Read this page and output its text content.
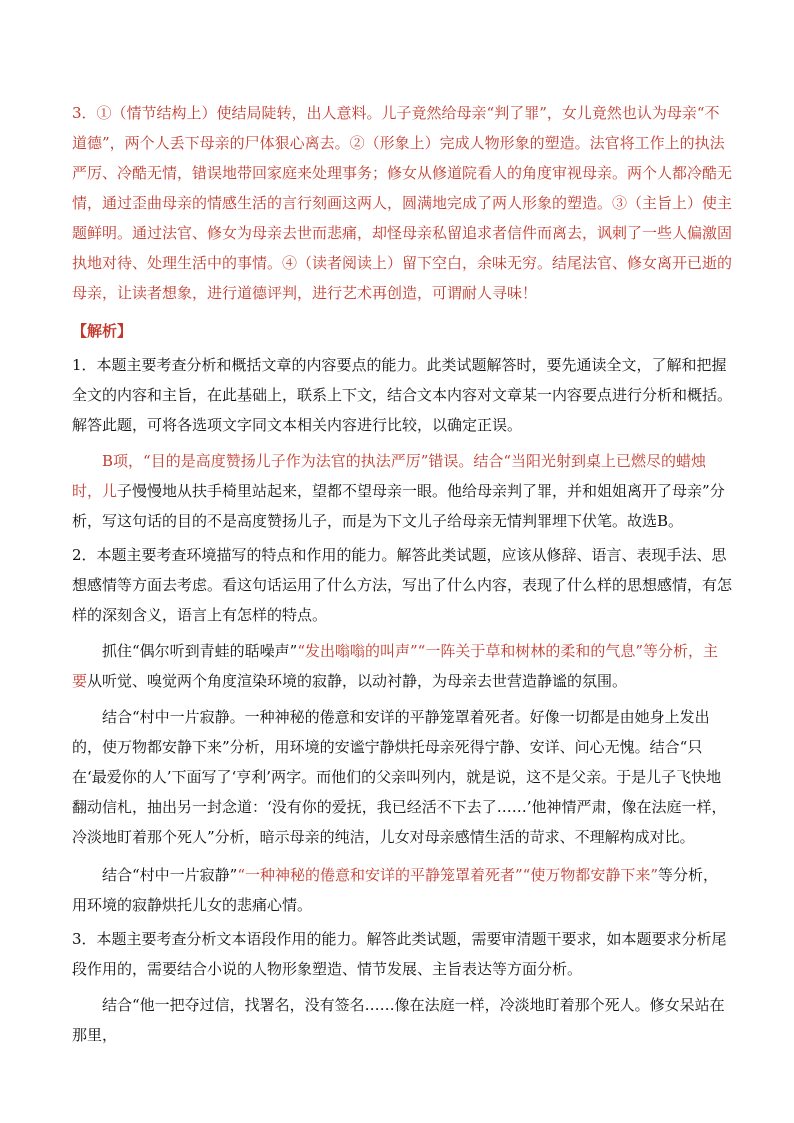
3．①（情节结构上）使结局陡转，出人意料。儿子竟然给母亲“判了罪”，女儿竟然也认为母亲“不道德”，两个人丢下母亲的尸体狠心离去。②（形象上）完成人物形象的塑造。法官将工作上的执法严厉、冷酷无情，错误地带回家庭来处理事务；修女从修道院看人的角度审视母亲。两个人都冷酷无情，通过歪曲母亲的情感生活的言行刻画这两人，圆满地完成了两人形象的塑造。③（主旨上）使主题鲜明。通过法官、修女为母亲去世而悲痛，却怪母亲私留追求者信件而离去，讽刺了一些人偏激固执地对待、处理生活中的事情。④（读者阅读上）留下空白，余味无穷。结尾法官、修女离开已逝的母亲，让读者想象，进行道德评判，进行艺术再创造，可谓耐人寻味！

【解析】

1．本题主要考查分析和概括文章的内容要点的能力。此类试题解答时，要先通读全文，了解和把握全文的内容和主旨，在此基础上，联系上下文，结合文本内容对文章某一内容要点进行分析和概括。解答此题，可将各选项文字同文本相关内容进行比较，以确定正误。

B项，“目的是高度赞扬儿子作为法官的执法严厉”错误。结合“当阳光射到桌上已燃尽的蜡烛时，儿子慢慢地从扶手椅里站起来，望都不望母亲一眼。他给母亲判了罪，并和姐姐离开了母亲”分析，写这句话的目的不是高度赞扬儿子，而是为下文儿子给母亲无情判罪埋下伏笔。故选B。

2．本题主要考查环境描写的特点和作用的能力。解答此类试题，应该从修辞、语言、表现手法、思想感情等方面去考虑。看这句话运用了什么方法，写出了什么内容，表现了什么样的思想感情，有怎样的深刻含义，语言上有怎样的特点。

抓住“偶尔听到青蛙的聒噪声”“发出嗡嗡的叫声”“一阵关于草和树林的柔和的气息”等分析，主要从听觉、嗅觉两个角度渲染环境的寂静，以动衬静，为母亲去世营造静谧的氛围。

结合“村中一片寂静。一种神秘的倦意和安详的平静笼罩着死者。好像一切都是由她身上发出的，使万物都安静下来”分析，用环境的安谧宁静烘托母亲死得宁静、安详、问心无愧。结合“只在‘最爱你的人’下面写了‘亨利’两字。而他们的父亲叫列内，就是说，这不是父亲。于是儿子飞快地翻动信札，抽出另一封念道：‘没有你的爱抚，我已经活不下去了……’他神情严肃，像在法庭一样，冷淡地盯着那个死人”分析，暗示母亲的纯洁，儿女对母亲感情生活的苛求、不理解构成对比。

结合“村中一片寂静”“一种神秘的倦意和安详的平静笼罩着死者”“使万物都安静下来”等分析，用环境的寂静烘托儿女的悲痛心情。

3．本题主要考查分析文本语段作用的能力。解答此类试题，需要审清题干要求，如本题要求分析尾段作用的，需要结合小说的人物形象塑造、情节发展、主旨表达等方面分析。

结合“他一把夺过信，找署名，没有签名……像在法庭一样，冷淡地盯着那个死人。修女呆站在那里，
